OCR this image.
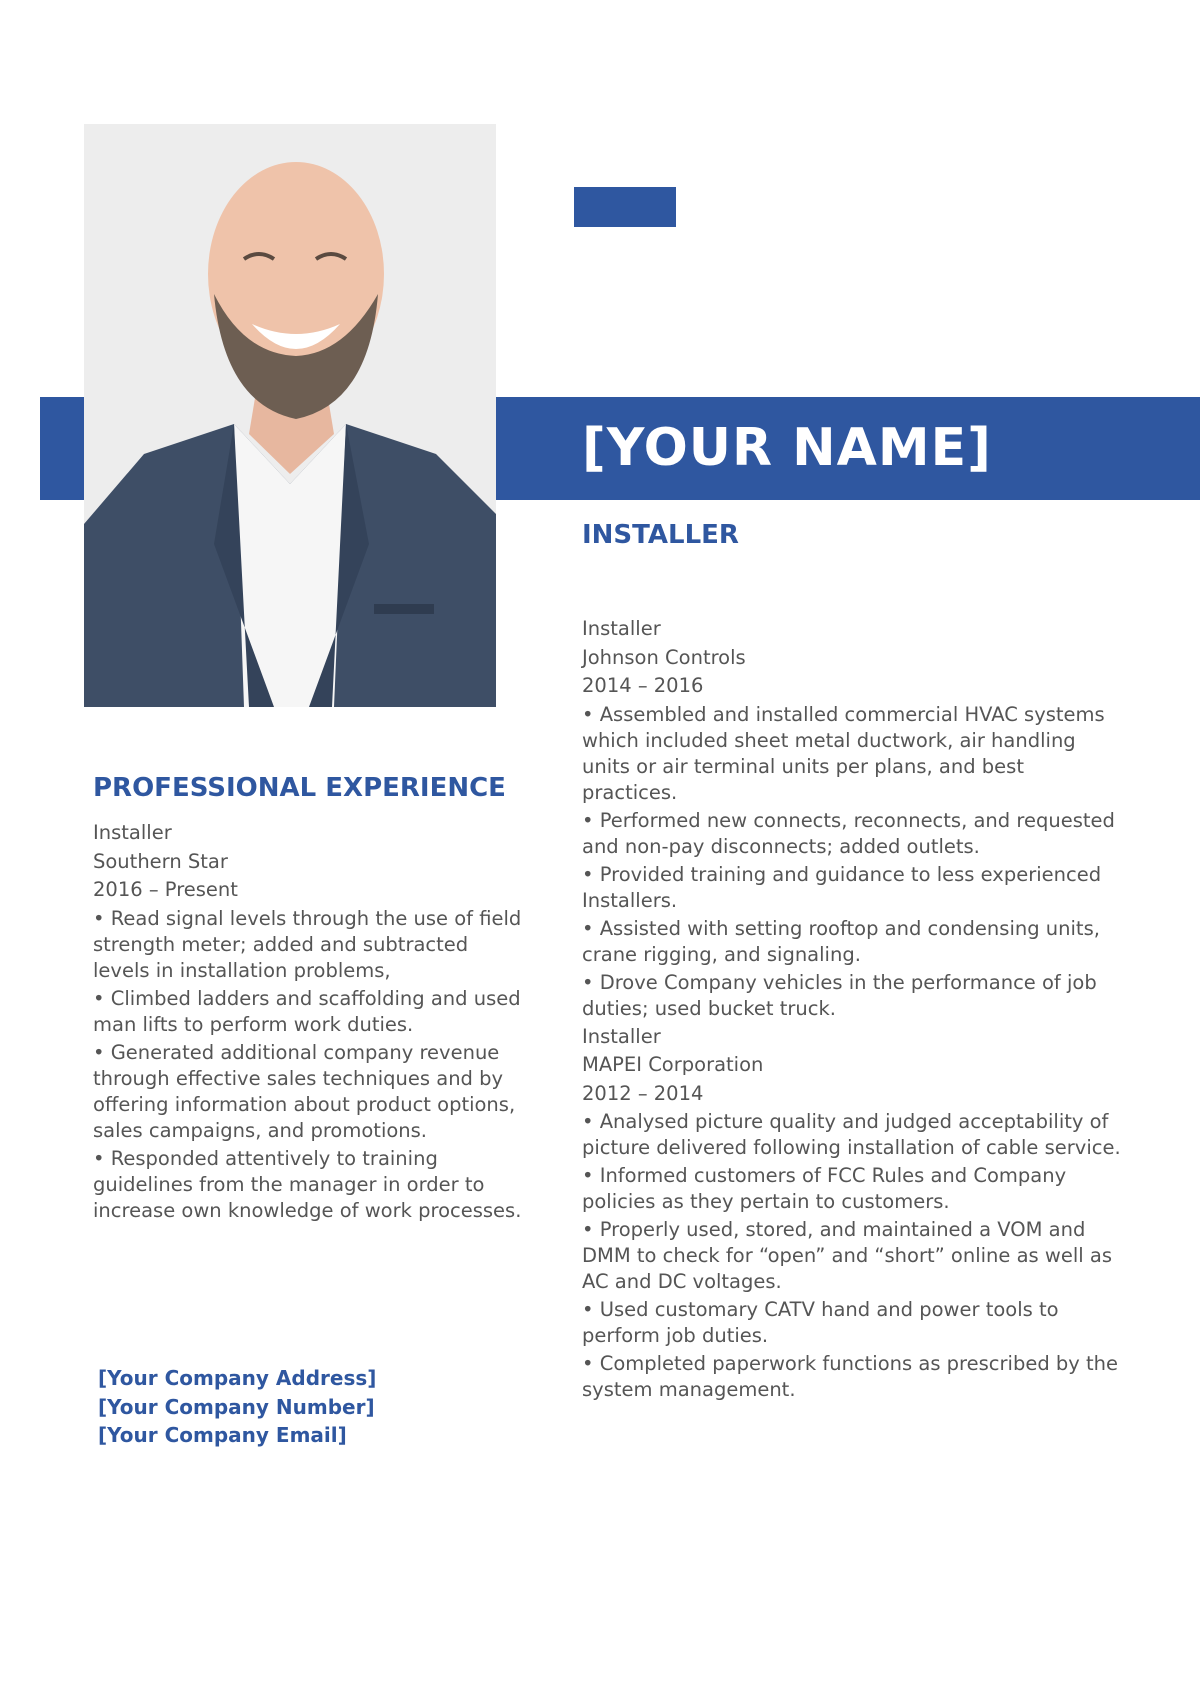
[YOUR NAME]
INSTALLER
PROFESSIONAL EXPERIENCE
Installer
Southern Star
2016 – Present
• Read signal levels through the use of field strength meter; added and subtracted levels in installation problems,
• Climbed ladders and scaffolding and used man lifts to perform work duties.
• Generated additional company revenue through effective sales techniques and by offering information about product options, sales campaigns, and promotions.
• Responded attentively to training guidelines from the manager in order to increase own knowledge of work processes.
[Your Company Address]
[Your Company Number]
[Your Company Email]
Installer
Johnson Controls
2014 – 2016
• Assembled and installed commercial HVAC systems which included sheet metal ductwork, air handling units or air terminal units per plans, and best practices.
• Performed new connects, reconnects, and requested and non-pay disconnects; added outlets.
• Provided training and guidance to less experienced Installers.
• Assisted with setting rooftop and condensing units, crane rigging, and signaling.
• Drove Company vehicles in the performance of job duties; used bucket truck.
Installer
MAPEI Corporation
2012 – 2014
• Analysed picture quality and judged acceptability of picture delivered following installation of cable service.
• Informed customers of FCC Rules and Company policies as they pertain to customers.
• Properly used, stored, and maintained a VOM and DMM to check for “open” and “short” online as well as AC and DC voltages.
• Used customary CATV hand and power tools to perform job duties.
• Completed paperwork functions as prescribed by the system management.
